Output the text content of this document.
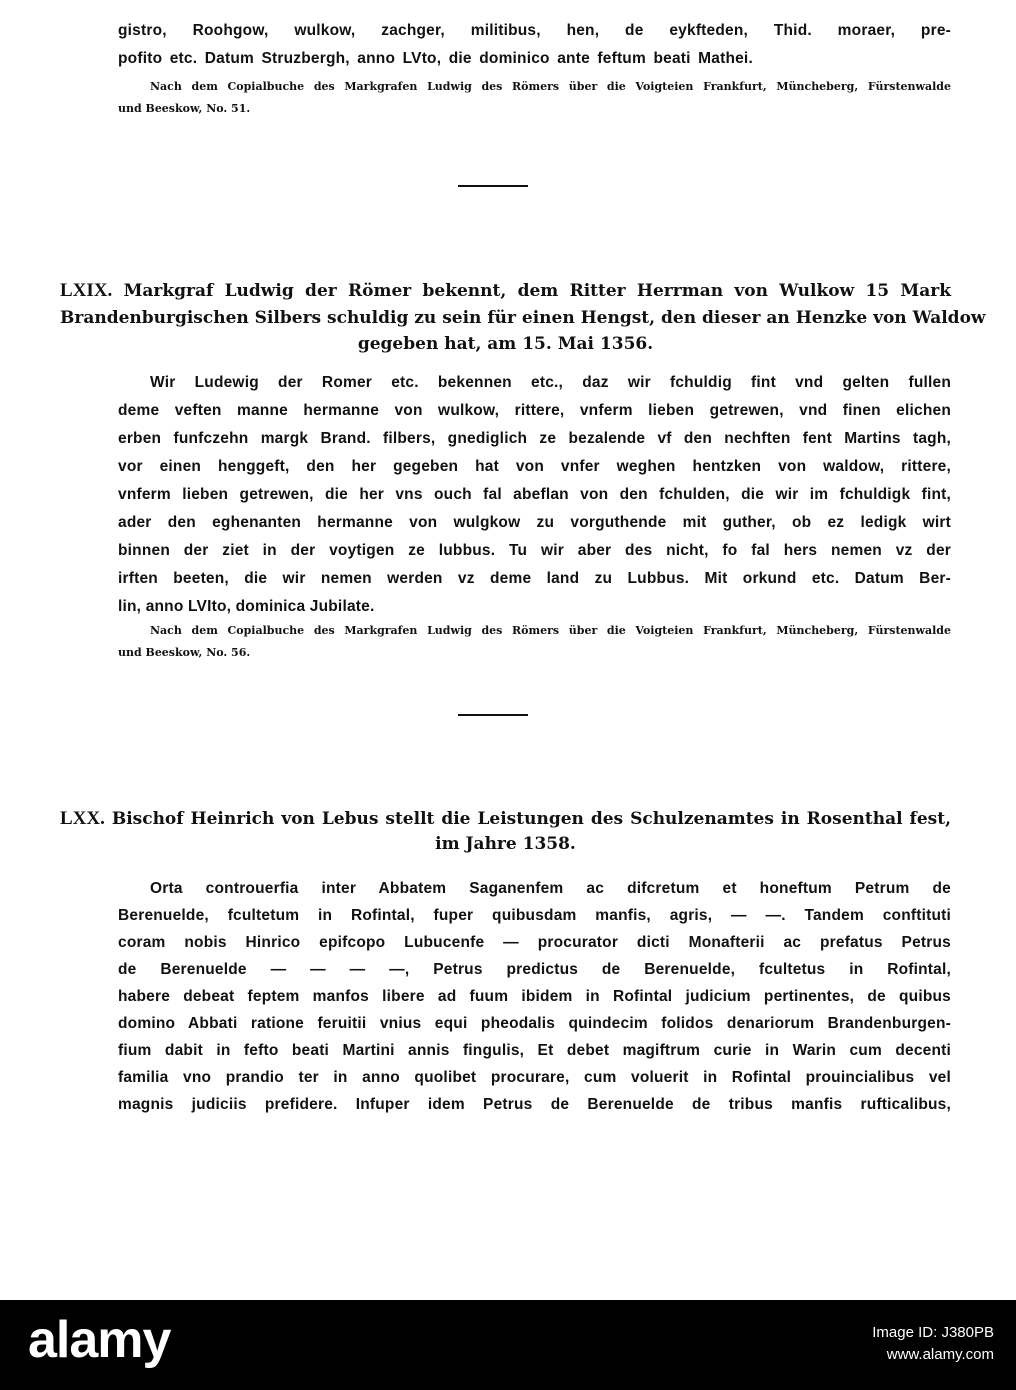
gistro, Roohgow, wulkow, zachger, militibus, hen, de eykfteden, Thid. moraer, pre-
pofito etc. Datum Struzbergh, anno LVto, die dominico ante feftum beati Mathei.
Nach dem Copialbuche des Markgrafen Ludwig des Römers über die Voigteien Frankfurt, Müncheberg, Fürstenwalde
und Beeskow, No. 51.
LXIX. Markgraf Ludwig der Römer bekennt, dem Ritter Herrman von Wulkow 15 Mark
Brandenburgischen Silbers schuldig zu sein für einen Hengst, den dieser an Henzke von Waldow
gegeben hat, am 15. Mai 1356.
Wir Ludewig der Romer etc. bekennen etc., daz wir fchuldig fint vnd gelten fullen
deme veften manne hermanne von wulkow, rittere, vnferm lieben getrewen, vnd finen elichen
erben funfczehn margk Brand. filbers, gnediglich ze bezalende vf den nechften fent Martins tagh,
vor einen henggeft, den her gegeben hat von vnfer weghen hentzken von waldow, rittere,
vnferm lieben getrewen, die her vns ouch fal abeflan von den fchulden, die wir im fchuldigk fint,
ader den eghenanten hermanne von wulgkow zu vorguthende mit guther, ob ez ledigk wirt
binnen der ziet in der voytigen ze lubbus. Tu wir aber des nicht, fo fal hers nemen vz der
irften beeten, die wir nemen werden vz deme land zu Lubbus. Mit orkund etc. Datum Ber-
lin, anno LVIto, dominica Jubilate.
Nach dem Copialbuche des Markgrafen Ludwig des Römers über die Voigteien Frankfurt, Müncheberg, Fürstenwalde
und Beeskow, No. 56.
LXX. Bischof Heinrich von Lebus stellt die Leistungen des Schulzenamtes in Rosenthal fest,
im Jahre 1358.
Orta controuerfia inter Abbatem Saganenfem ac difcretum et honeftum Petrum de
Berenuelde, fcultetum in Rofintal, fuper quibusdam manfis, agris, — —. Tandem conftituti
coram nobis Hinrico epifcopo Lubucenfe — procurator dicti Monafterii ac prefatus Petrus
de Berenuelde — — — —, Petrus predictus de Berenuelde, fcultetus in Rofintal,
habere debeat feptem manfos libere ad fuum ibidem in Rofintal judicium pertinentes, de quibus
domino Abbati ratione feruitii vnius equi pheodalis quindecim folidos denariorum Brandenburgen-
fium dabit in fefto beati Martini annis fingulis, Et debet magiftrum curie in Warin cum decenti
familia vno prandio ter in anno quolibet procurare, cum voluerit in Rofintal prouincialibus vel
magnis judiciis prefidere. Infuper idem Petrus de Berenuelde de tribus manfis rufticalibus,
alamy	Image ID: J380PB
www.alamy.com
